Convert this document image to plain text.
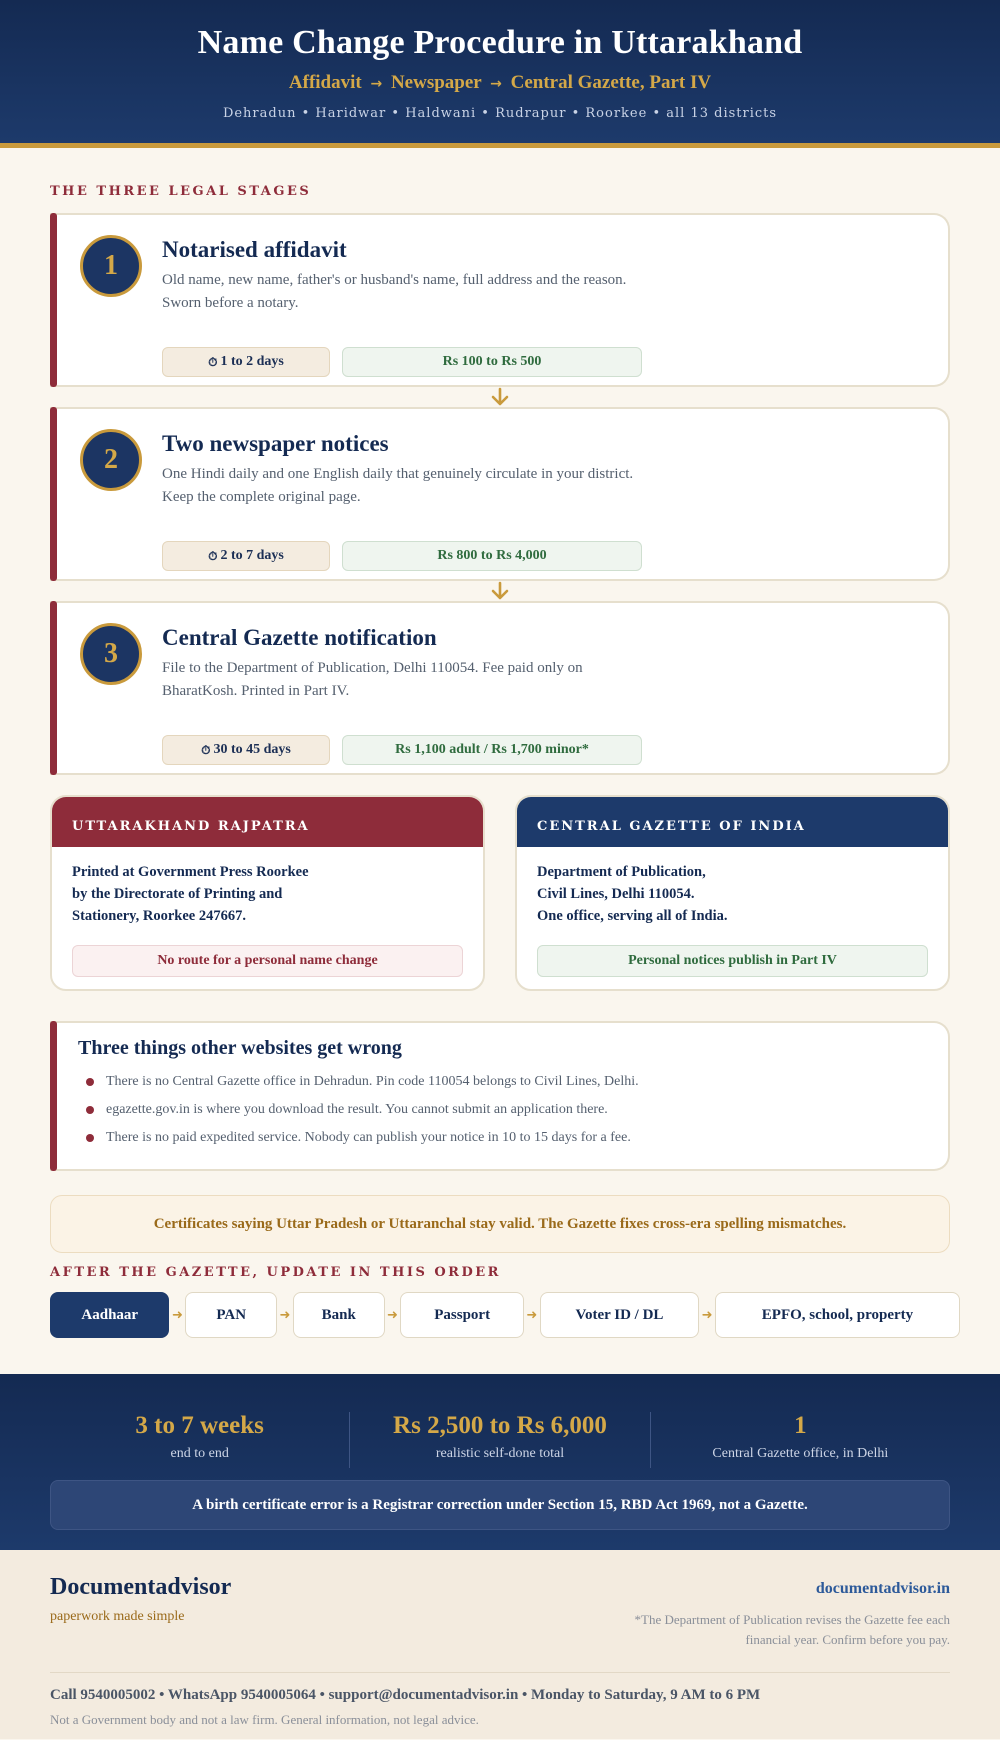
Name Change Procedure in Uttarakhand
Affidavit → Newspaper → Central Gazette, Part IV
Dehradun • Haridwar • Haldwani • Rudrapur • Roorkee • all 13 districts
THE THREE LEGAL STAGES
1
Notarised affidavit

Old name, new name, father's or husband's name, full address and the reason. Sworn before a notary.

⏱ 1 to 2 days	Rs 100 to Rs 500
2
Two newspaper notices

One Hindi daily and one English daily that genuinely circulate in your district. Keep the complete original page.

⏱ 2 to 7 days	Rs 800 to Rs 4,000
3
Central Gazette notification

File to the Department of Publication, Delhi 110054. Fee paid only on BharatKosh. Printed in Part IV.

⏱ 30 to 45 days	Rs 1,100 adult / Rs 1,700 minor*
UTTARAKHAND RAJPATRA
Printed at Government Press Roorkee
by the Directorate of Printing and
Stationery, Roorkee 247667.
No route for a personal name change
CENTRAL GAZETTE OF INDIA
Department of Publication,
Civil Lines, Delhi 110054.
One office, serving all of India.
Personal notices publish in Part IV
Three things other websites get wrong
There is no Central Gazette office in Dehradun. Pin code 110054 belongs to Civil Lines, Delhi.
egazette.gov.in is where you download the result. You cannot submit an application there.
There is no paid expedited service. Nobody can publish your notice in 10 to 15 days for a fee.
Certificates saying Uttar Pradesh or Uttaranchal stay valid. The Gazette fixes cross-era spelling mismatches.
AFTER THE GAZETTE, UPDATE IN THIS ORDER
Aadhaar	➜	PAN	➜	Bank	➜	Passport	➜	Voter ID / DL	➜	EPFO, school, property
3 to 7 weeks
end to end
Rs 2,500 to Rs 6,000
realistic self-done total
1
Central Gazette office, in Delhi
A birth certificate error is a Registrar correction under Section 15, RBD Act 1969, not a Gazette.
Documentadvisor
paperwork made simple
documentadvisor.in
*The Department of Publication revises the Gazette fee each financial year. Confirm before you pay.
Call 9540005002 • WhatsApp 9540005064 • support@documentadvisor.in • Monday to Saturday, 9 AM to 6 PM
Not a Government body and not a law firm. General information, not legal advice.
